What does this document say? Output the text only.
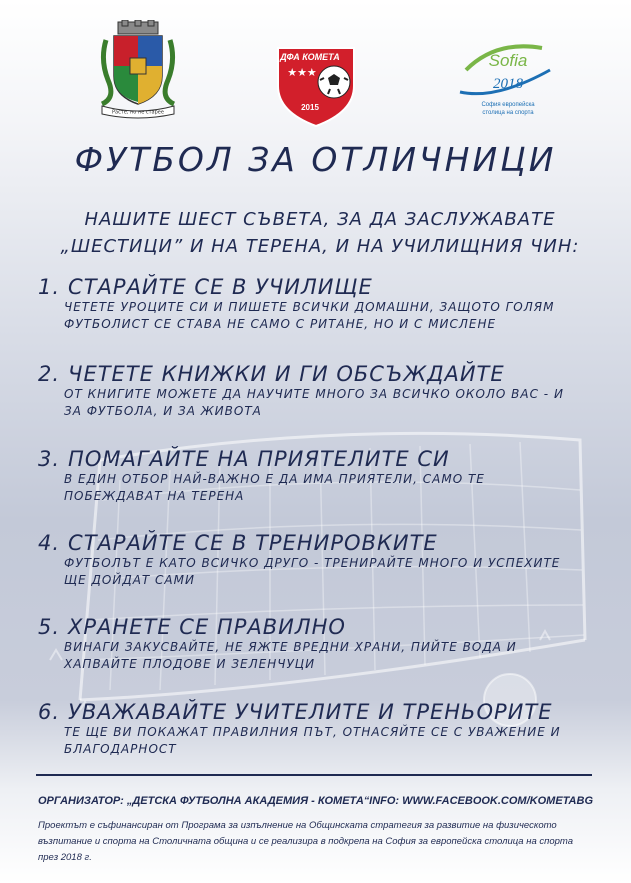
Расте, но не старее
ДФА КОМЕТА
★★★
2015
Sofia
2018
София европейска
столица на спорта
ФУТБОЛ ЗА ОТЛИЧНИЦИ
НАШИТЕ ШЕСТ СЪВЕТА, ЗА ДА ЗАСЛУЖАВАТЕ
„ШЕСТИЦИ” И НА ТЕРЕНА, И НА УЧИЛИЩНИЯ ЧИН:
1. СТАРАЙТЕ СЕ В УЧИЛИЩЕ
ЧЕТЕТЕ УРОЦИТЕ СИ И ПИШЕТЕ ВСИЧКИ ДОМАШНИ, ЗАЩОТО ГОЛЯМ ФУТБОЛИСТ СЕ СТАВА НЕ САМО С РИТАНЕ, НО И С МИСЛЕНЕ
2. ЧЕТЕТЕ КНИЖКИ И ГИ ОБСЪЖДАЙТЕ
ОТ КНИГИТЕ МОЖЕТЕ ДА НАУЧИТЕ МНОГО ЗА ВСИЧКО ОКОЛО ВАС - И ЗА ФУТБОЛА, И ЗА ЖИВОТА
3. ПОМАГАЙТЕ НА ПРИЯТЕЛИТЕ СИ
В ЕДИН ОТБОР НАЙ-ВАЖНО Е ДА ИМА ПРИЯТЕЛИ, САМО ТЕ ПОБЕЖДАВАТ НА ТЕРЕНА
4. СТАРАЙТЕ СЕ В ТРЕНИРОВКИТЕ
ФУТБОЛЪТ Е КАТО ВСИЧКО ДРУГО - ТРЕНИРАЙТЕ МНОГО И УСПЕХИТЕ ЩЕ ДОЙДАТ САМИ
5. ХРАНЕТЕ СЕ ПРАВИЛНО
ВИНАГИ ЗАКУСВАЙТЕ, НЕ ЯЖТЕ ВРЕДНИ ХРАНИ, ПИЙТЕ ВОДА И ХАПВАЙТЕ ПЛОДОВЕ И ЗЕЛЕНЧУЦИ
6. УВАЖАВАЙТЕ УЧИТЕЛИТЕ И ТРЕНЬОРИТЕ
ТЕ ЩЕ ВИ ПОКАЖАТ ПРАВИЛНИЯ ПЪТ, ОТНАСЯЙТЕ СЕ С УВАЖЕНИЕ И БЛАГОДАРНОСТ
ОРГАНИЗАТОР: „ДЕТСКА ФУТБОЛНА АКАДЕМИЯ - КОМЕТА“ INFO: WWW.FACEBOOK.COM/KOMETABG
Проектът е съфинансиран от Програма за изпълнение на Общинската стратегия за развитие на физическото възпитание и спорта на Столичната община и се реализира в подкрепа на София за европейска столица на спорта през 2018 г.
